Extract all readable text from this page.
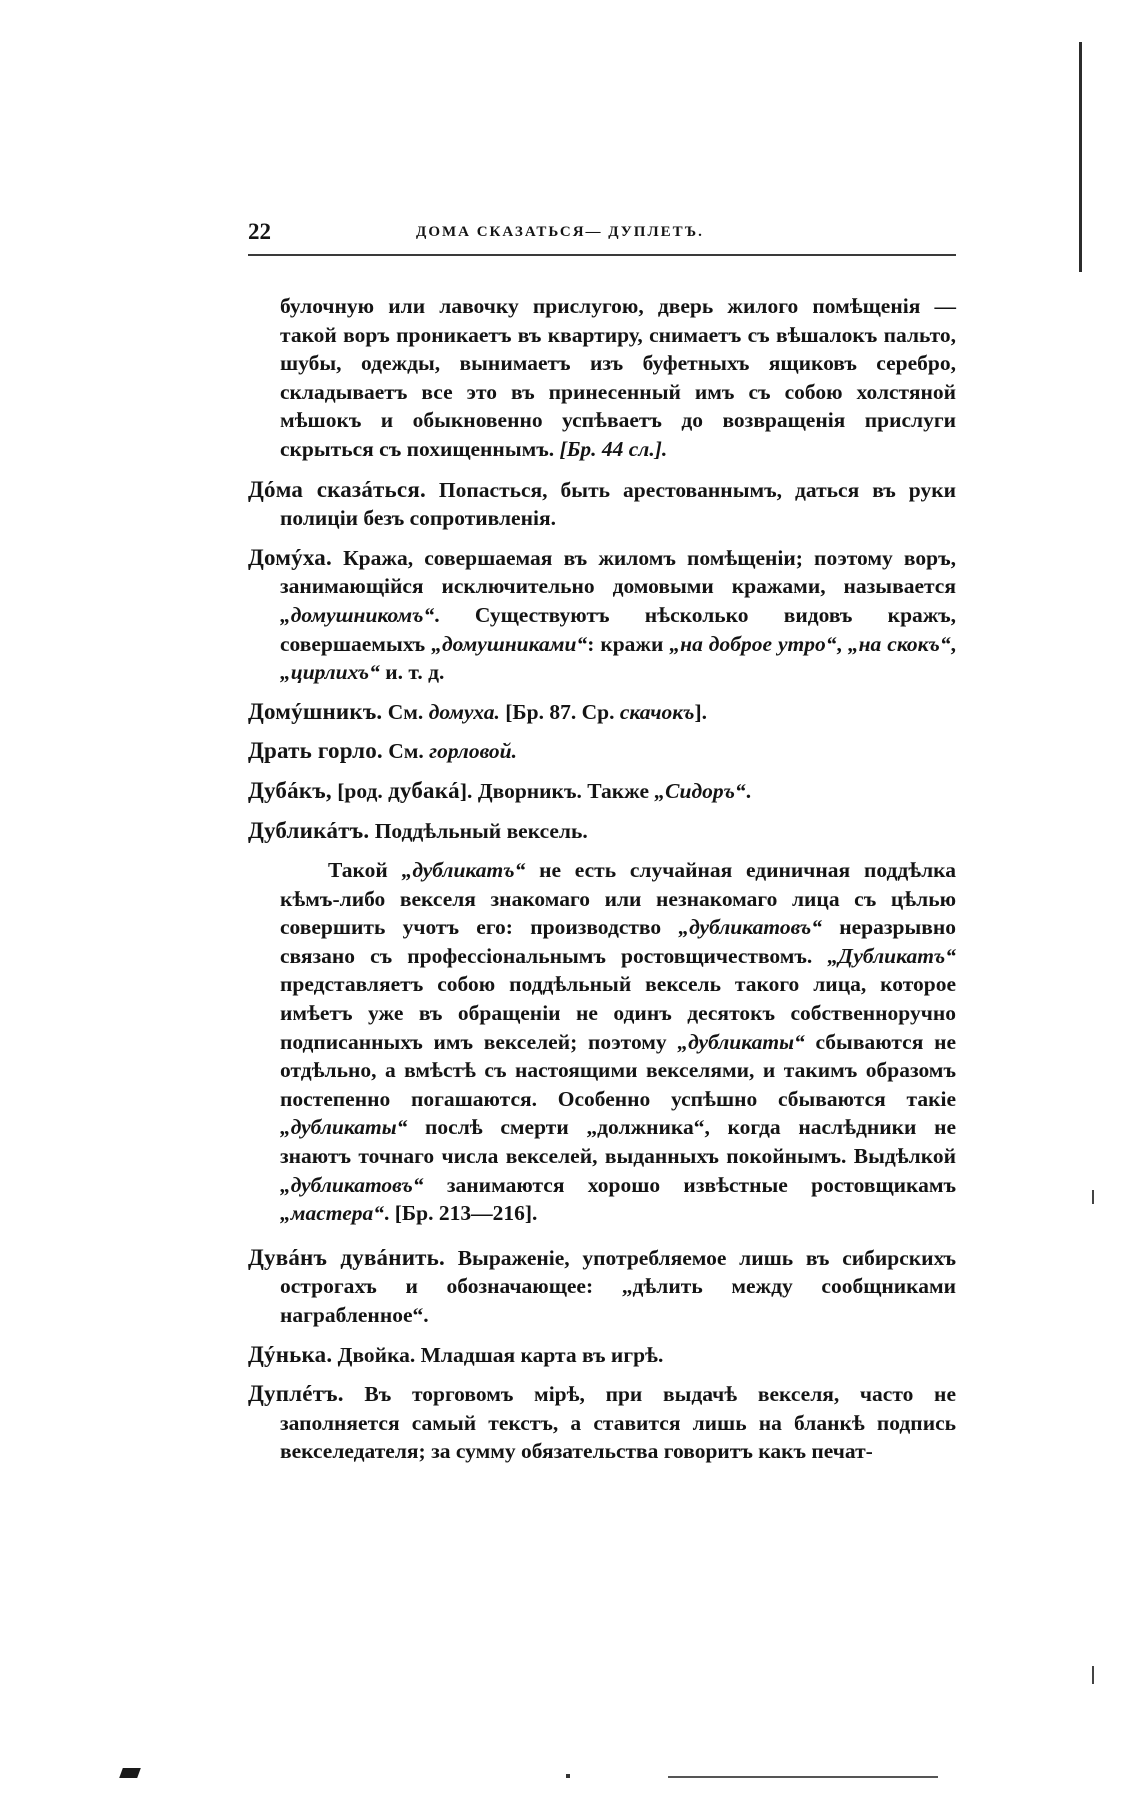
22	ДОМА СКАЗАТЬСЯ— ДУПЛЕТЪ.

булочную или лавочку прислугою, дверь жилого помѣщенія — такой воръ проникаетъ въ квартиру, снимаетъ съ вѣшалокъ пальто, шубы, одежды, вынимаетъ изъ буфетныхъ ящиковъ серебро, складываетъ все это въ принесенный имъ съ собою холстяной мѣшокъ и обыкновенно успѣваетъ до возвращенія прислуги скрыться съ похищеннымъ. [Бр. 44 сл.].

Дóма сказáться. Попасться, быть арестованнымъ, даться въ руки полиціи безъ сопротивленія.

Домýха. Кража, совершаемая въ жиломъ помѣщеніи; поэтому воръ, занимающійся исключительно домовыми кражами, называется „домушникомъ“. Существуютъ нѣсколько видовъ кражъ, совершаемыхъ „домушниками“: кражи „на доброе утро“, „на скокъ“, „цирлихъ“ и. т. д.

Домýшникъ. См. домуха. [Бр. 87. Ср. скачокъ].

Драть горло. См. горловой.

Дубáкъ, [род. дубакá]. Дворникъ. Также „Сидоръ“.

Дубликáтъ. Поддѣльный вексель.

Такой „дубликатъ“ не есть случайная единичная поддѣлка кѣмъ-либо векселя знакомаго или незнакомаго лица съ цѣлью совершить учотъ его: производство „дубликатовъ“ неразрывно связано съ профессіональнымъ ростовщичествомъ. „Дубликатъ“ представляетъ собою поддѣльный вексель такого лица, которое имѣетъ уже въ обращеніи не одинъ десятокъ собственноручно подписанныхъ имъ векселей; поэтому „дубликаты“ сбываются не отдѣльно, а вмѣстѣ съ настоящими векселями, и такимъ образомъ постепенно погашаются. Особенно успѣшно сбываются такіе „дубликаты“ послѣ смерти „должника“, когда наслѣдники не знаютъ точнаго числа векселей, выданныхъ покойнымъ. Выдѣлкой „дубликатовъ“ занимаются хорошо извѣстные ростовщикамъ „мастера“. [Бр. 213—216].

Дувáнъ дувáнить. Выраженіе, употребляемое лишь въ сибирскихъ острогахъ и обозначающее: „дѣлить между сообщниками награбленное“.

Дýнька. Двойка. Младшая карта въ игрѣ.

Дуплéтъ. Въ торговомъ мірѣ, при выдачѣ векселя, часто не заполняется самый текстъ, а ставится лишь на бланкѣ подпись векселедателя; за сумму обязательства говоритъ какъ печат-
